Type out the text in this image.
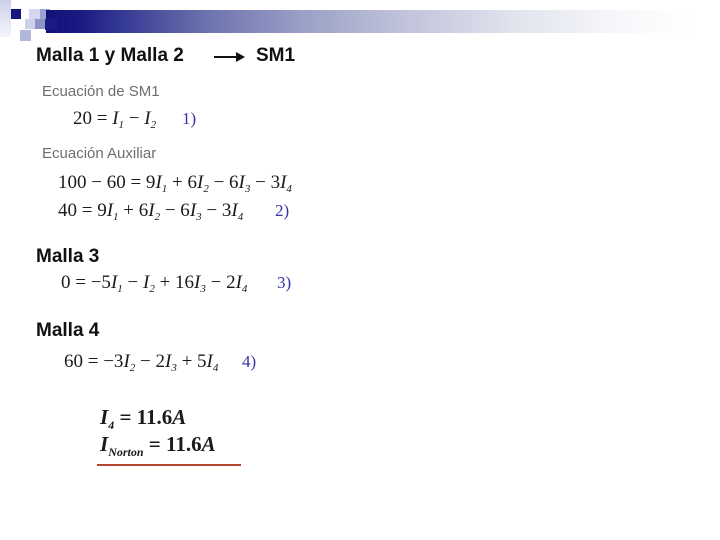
Malla 1 y Malla 2	SM1
Ecuación de SM1
$20 = I_1 - I_2$ 1)
Ecuación Auxiliar
$100 - 60 = 9I_1 + 6I_2 - 6I_3 - 3I_4$
$40 = 9I_1 + 6I_2 - 6I_3 - 3I_4$ 2)
Malla 3
$0 = -5I_1 - I_2 + 16I_3 - 2I_4$ 3)
Malla 4
$60 = -3I_2 - 2I_3 + 5I_4$ 4)
$I_4 = 11.6A$
$I_{Norton} = 11.6A$
